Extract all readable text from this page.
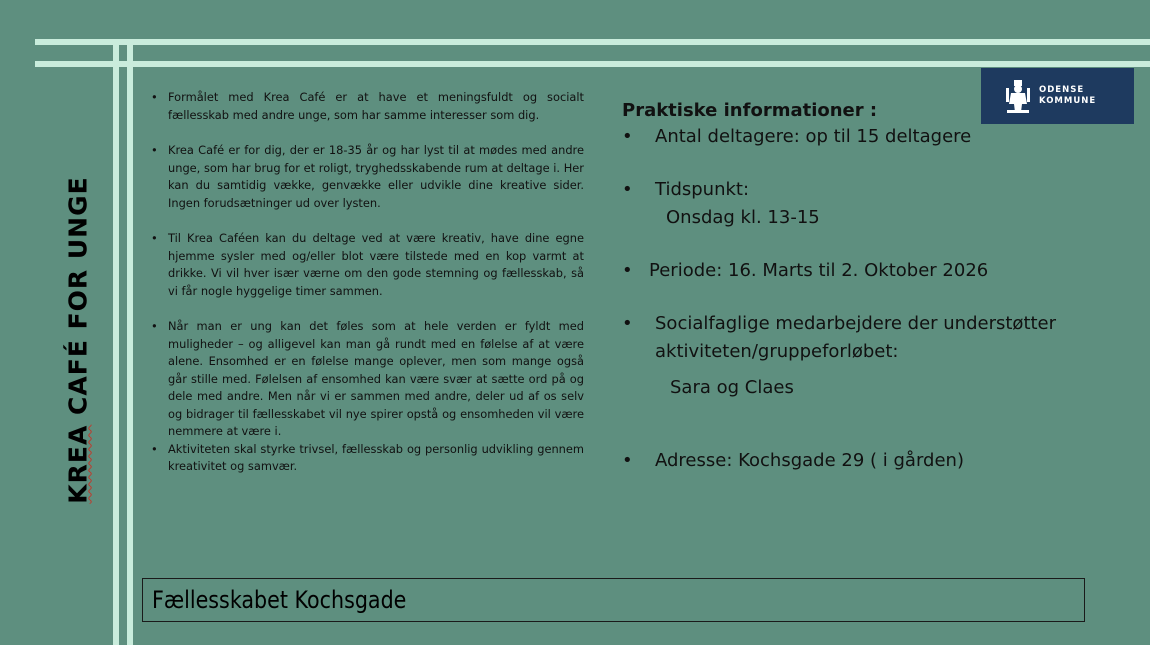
KREA CAFÉ FOR UNGE
• Formålet med Krea Café er at have et meningsfuldt og socialt fællesskab med andre unge, som har samme interesser som dig.
• Krea Café er for dig, der er 18-35 år og har lyst til at mødes med andre unge, som har brug for et roligt, tryghedsskabende rum at deltage i. Her kan du samtidig vække, genvække eller udvikle dine kreative sider. Ingen forudsætninger ud over lysten.
• Til Krea Caféen kan du deltage ved at være kreativ, have dine egne hjemme sysler med og/eller blot være tilstede med en kop varmt at drikke. Vi vil hver især værne om den gode stemning og fællesskab, så vi får nogle hyggelige timer sammen.
• Når man er ung kan det føles som at hele verden er fyldt med muligheder – og alligevel kan man gå rundt med en følelse af at være alene. Ensomhed er en følelse mange oplever, men som mange også går stille med. Følelsen af ensomhed kan være svær at sætte ord på og dele med andre. Men når vi er sammen med andre, deler ud af os selv og bidrager til fællesskabet vil nye spirer opstå og ensomheden vil være nemmere at være i.
• Aktiviteten skal styrke trivsel, fællesskab og personlig udvikling gennem kreativitet og samvær.

Praktiske informationer :

• Antal deltagere: op til 15 deltagere
• Tidspunkt:
Onsdag kl. 13-15
• Periode: 16. Marts til 2. Oktober 2026
• Socialfaglige medarbejdere der understøtter
aktiviteten/gruppeforløbet:
Sara og Claes
• Adresse: Kochsgade 29 ( i gården)
ODENSE
KOMMUNE
Fællesskabet Kochsgade
